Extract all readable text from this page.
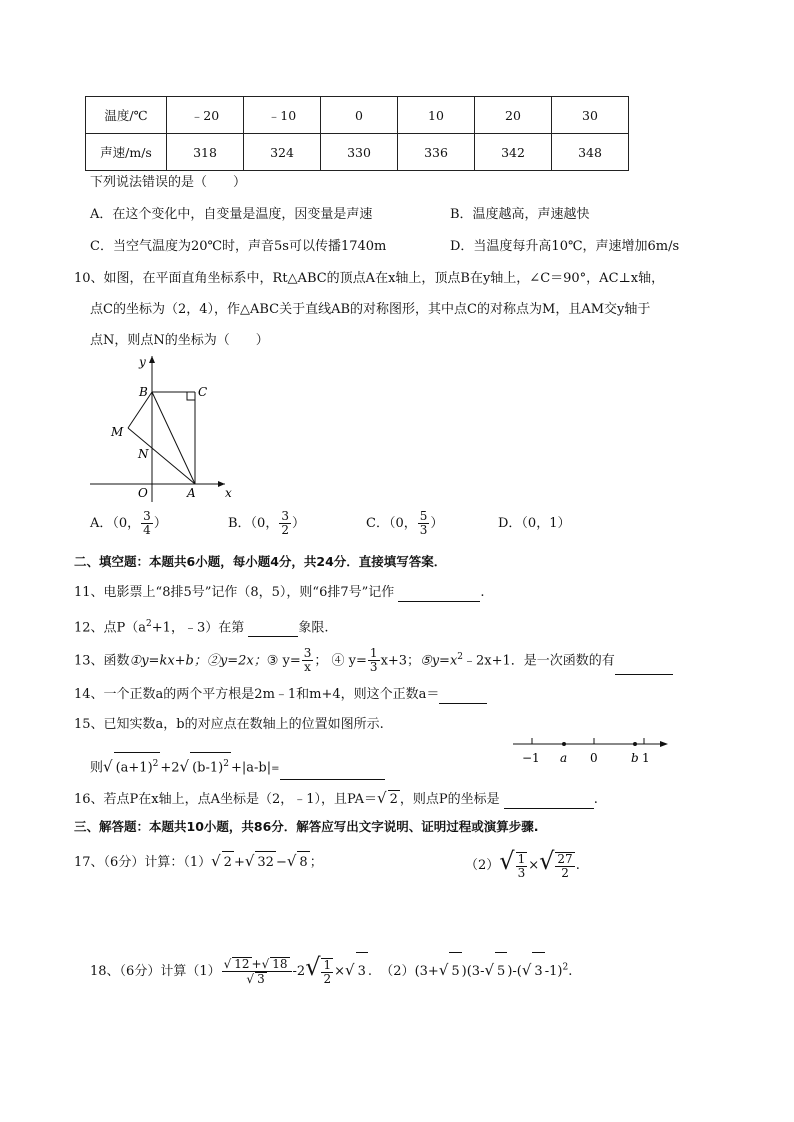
温度/℃	﹣20	﹣10	0	10	20	30
声速/m/s	318	324	330	336	342	348
下列说法错误的是（　　）
A．在这个变化中，自变量是温度，因变量是声速	B．温度越高，声速越快
C．当空气温度为20℃时，声音5s可以传播1740m	D．当温度每升高10℃，声速增加6m/s
10、如图，在平面直角坐标系中，Rt△ABC的顶点A在x轴上，顶点B在y轴上，∠C＝90°，AC⊥x轴，
点C的坐标为（2，4），作△ABC关于直线AB的对称图形，其中点C的对称点为M，且AM交y轴于
点N，则点N的坐标为（　　）
y
x
B	C
M
N
O	A
A．（0， $\frac{3}{4}$ ）	B．（0， $\frac{3}{2}$ ）	C．（0， $\frac{5}{3}$ ）	D．（0，1）
二、填空题：本题共6小题，每小题4分，共24分．直接填写答案．
11、电影票上“8排5号”记作（8，5），则“6排7号”记作	.
12、点$P(a^2+1$，﹣3）在第	象限.
13、函数①y=kx+b；②y=2x；③ $y= \frac{3}{x}$ ； ④ $y= \frac{1}{3} x+3$；$⑤y=x^2﹣2x+1$．是一次函数的有
14、一个正数a的两个平方根是2m﹣1和m+4，则这个正数a＝
15、已知实数a，b的对应点在数轴上的位置如图所示.
则√ $(a+1)^2 +2√$ $(b-1)^2 +|a-b|=$
−1 a 0	b 1
16、若点P在x轴上，点A坐标是（2，﹣1），且PA＝√ 2 ，则点P的坐标是	.
三、解答题：本题共10小题，共86分．解答应写出文字说明、证明过程或演算步骤.
17、（6分）计算：（1）√ 2 +√ 32 −√ 8 ；	$(2)√ \frac{1}{3}$ ×√ $\frac{27}{2}$ .
18、（6分）计算$(1) \frac{√ 12 +√ 18}{√ 3} -2√ \frac{1}{2}$ ×√ 3 . （2）(3+√ 5 )(3-√ 5 )-(√ 3 -1)$^2$.
